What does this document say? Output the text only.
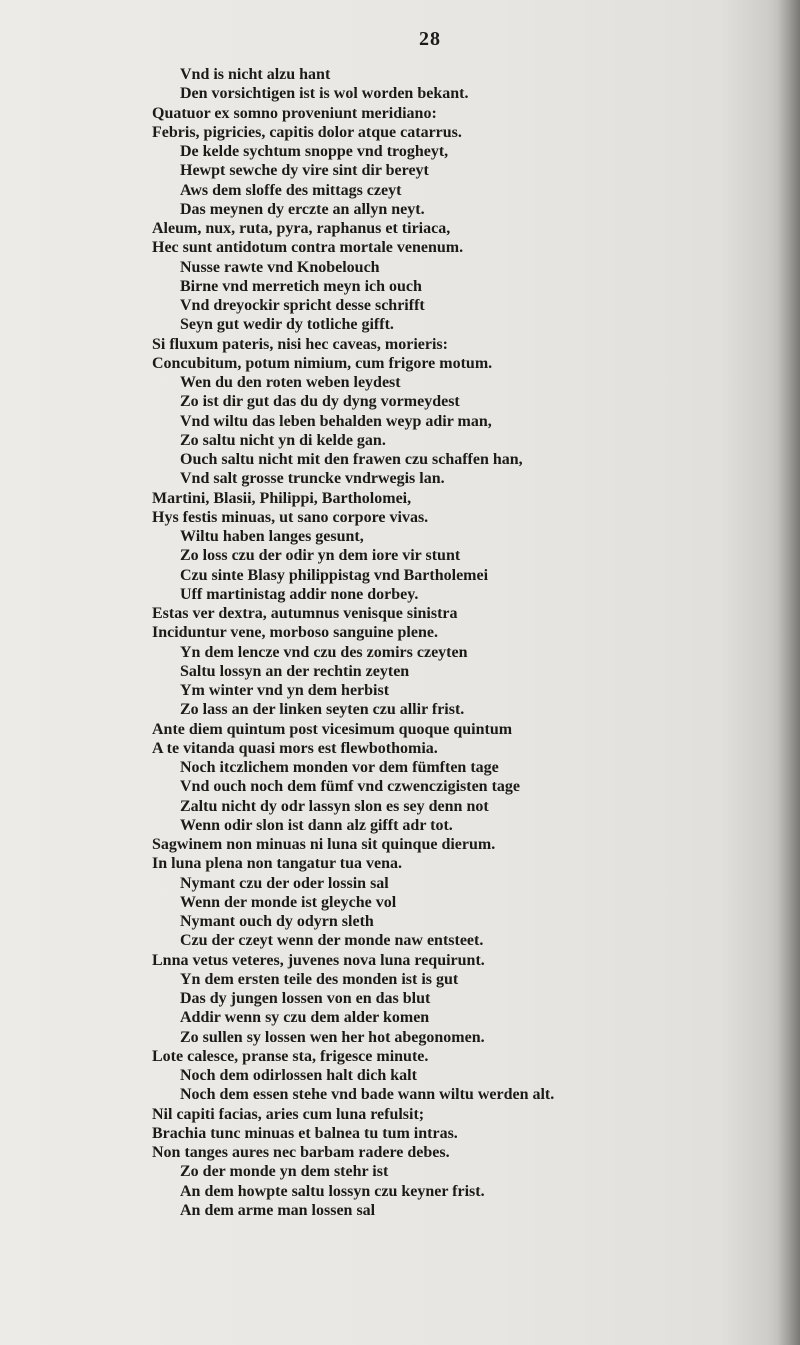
28
Vnd is nicht alzu hant
Den vorsichtigen ist is wol worden bekant.
Quatuor ex somno proveniunt meridiano:
Febris, pigricies, capitis dolor atque catarrus.
De kelde sychtum snoppe vnd trogheyt,
Hewpt sewche dy vire sint dir bereyt
Aws dem sloffe des mittags czeyt
Das meynen dy erczte an allyn neyt.
Aleum, nux, ruta, pyra, raphanus et tiriaca,
Hec sunt antidotum contra mortale venenum.
Nusse rawte vnd Knobelouch
Birne vnd merretich meyn ich ouch
Vnd dreyockir spricht desse schrifft
Seyn gut wedir dy totliche gifft.
Si fluxum pateris, nisi hec caveas, morieris:
Concubitum, potum nimium, cum frigore motum.
Wen du den roten weben leydest
Zo ist dir gut das du dy dyng vormeydest
Vnd wiltu das leben behalden weyp adir man,
Zo saltu nicht yn di kelde gan.
Ouch saltu nicht mit den frawen czu schaffen han,
Vnd salt grosse truncke vndrwegis lan.
Martini, Blasii, Philippi, Bartholomei,
Hys festis minuas, ut sano corpore vivas.
Wiltu haben langes gesunt,
Zo loss czu der odir yn dem iore vir stunt
Czu sinte Blasy philippistag vnd Bartholemei
Uff martinistag addir none dorbey.
Estas ver dextra, autumnus venisque sinistra
Inciduntur vene, morboso sanguine plene.
Yn dem lencze vnd czu des zomirs czeyten
Saltu lossyn an der rechtin zeyten
Ym winter vnd yn dem herbist
Zo lass an der linken seyten czu allir frist.
Ante diem quintum post vicesimum quoque quintum
A te vitanda quasi mors est flewbothomia.
Noch itczlichem monden vor dem fümften tage
Vnd ouch noch dem fümf vnd czwenczigisten tage
Zaltu nicht dy odr lassyn slon es sey denn not
Wenn odir slon ist dann alz gifft adr tot.
Sagwinem non minuas ni luna sit quinque dierum.
In luna plena non tangatur tua vena.
Nymant czu der oder lossin sal
Wenn der monde ist gleyche vol
Nymant ouch dy odyrn sleth
Czu der czeyt wenn der monde naw entsteet.
Lnna vetus veteres, juvenes nova luna requirunt.
Yn dem ersten teile des monden ist is gut
Das dy jungen lossen von en das blut
Addir wenn sy czu dem alder komen
Zo sullen sy lossen wen her hot abegonomen.
Lote calesce, pranse sta, frigesce minute.
Noch dem odirlossen halt dich kalt
Noch dem essen stehe vnd bade wann wiltu werden alt.
Nil capiti facias, aries cum luna refulsit;
Brachia tunc minuas et balnea tu tum intras.
Non tanges aures nec barbam radere debes.
Zo der monde yn dem stehr ist
An dem howpte saltu lossyn czu keyner frist.
An dem arme man lossen sal
